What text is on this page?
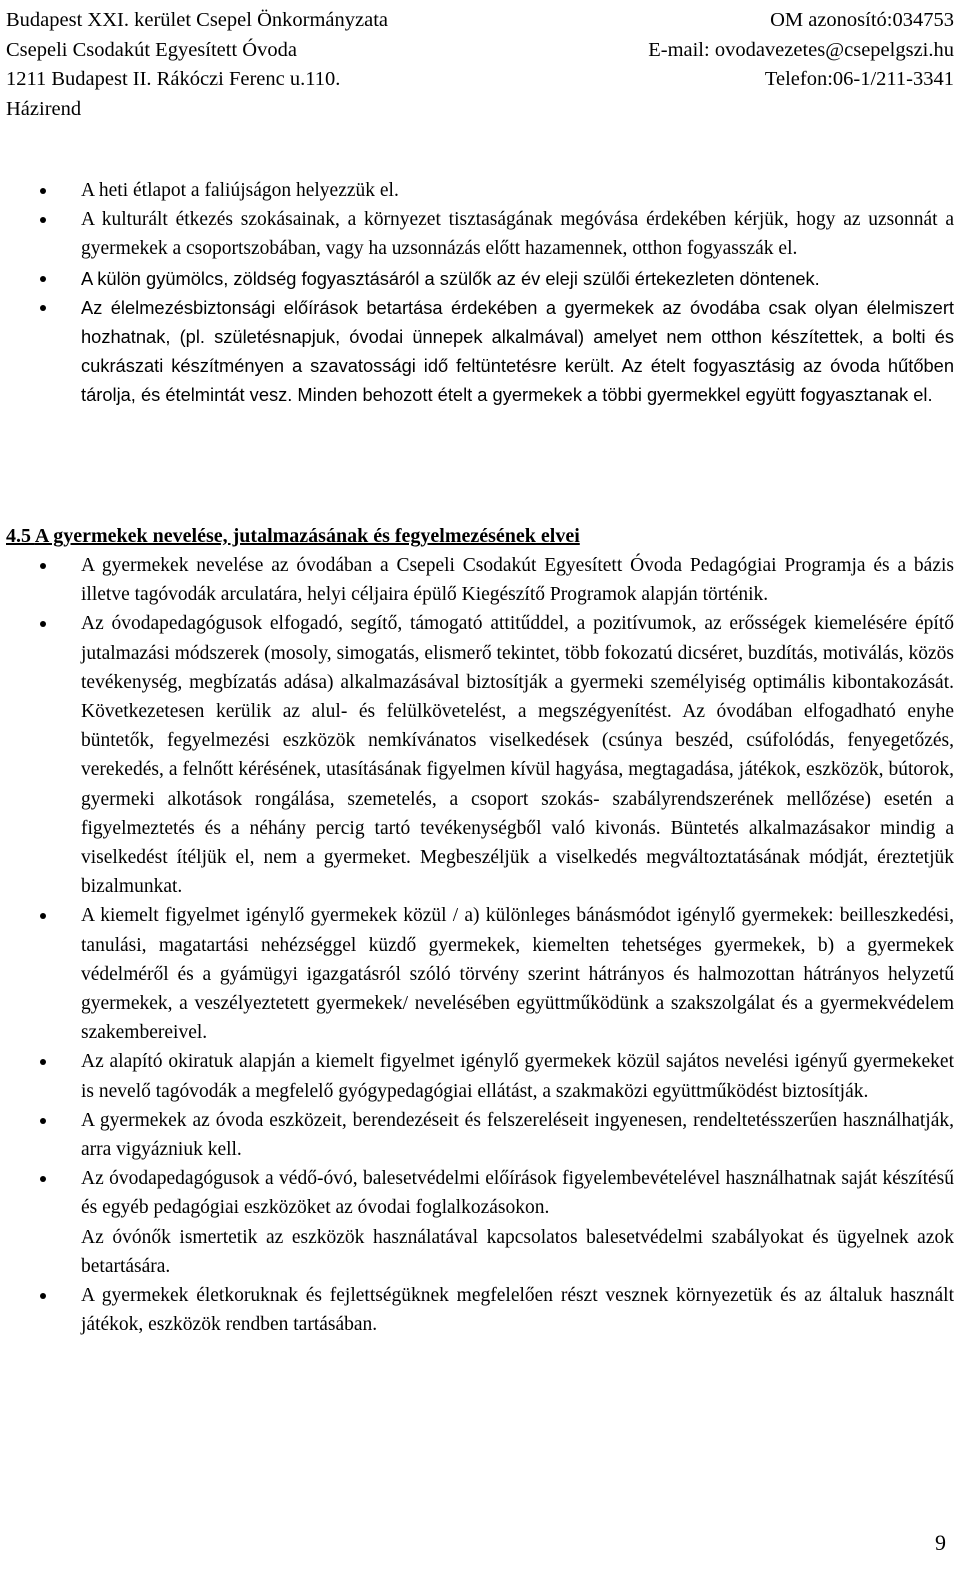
Budapest XXI. kerület Csepel Önkormányzata	OM azonosító:034753
Csepeli Csodakút Egyesített Óvoda	E-mail: ovodavezetes@csepelgszi.hu
1211 Budapest II. Rákóczi Ferenc u.110.	Telefon:06-1/211-3341
Házirend
A heti étlapot a faliújságon helyezzük el.
A kulturált étkezés szokásainak, a környezet tisztaságának megóvása érdekében kérjük, hogy az uzsonnát a gyermekek a csoportszobában, vagy ha uzsonnázás előtt hazamennek, otthon fogyasszák el.
A külön gyümölcs, zöldség fogyasztásáról a szülők az év eleji szülői értekezleten döntenek.
Az élelmezésbiztonsági előírások betartása érdekében a gyermekek az óvodába csak olyan élelmiszert hozhatnak, (pl. születésnapjuk, óvodai ünnepek alkalmával) amelyet nem otthon készítettek, a bolti és cukrászati készítményen a szavatossági idő feltüntetésre került. Az ételt fogyasztásig az óvoda hűtőben tárolja, és ételmintát vesz. Minden behozott ételt a gyermekek a többi gyermekkel együtt fogyasztanak el.
4.5 A gyermekek nevelése, jutalmazásának és fegyelmezésének elvei
A gyermekek nevelése az óvodában a Csepeli Csodakút Egyesített Óvoda Pedagógiai Programja és a bázis illetve tagóvodák arculatára, helyi céljaira épülő Kiegészítő Programok alapján történik.
Az óvodapedagógusok elfogadó, segítő, támogató attitűddel, a pozitívumok, az erősségek kiemelésére építő jutalmazási módszerek (mosoly, simogatás, elismerő tekintet, több fokozatú dicséret, buzdítás, motiválás, közös tevékenység, megbízatás adása) alkalmazásával biztosítják a gyermeki személyiség optimális kibontakozását. Következetesen kerülik az alul- és felülkövetelést, a megszégyenítést. Az óvodában elfogadható enyhe büntetők, fegyelmezési eszközök nemkívánatos viselkedések (csúnya beszéd, csúfolódás, fenyegetőzés, verekedés, a felnőtt kérésének, utasításának figyelmen kívül hagyása, megtagadása, játékok, eszközök, bútorok, gyermeki alkotások rongálása, szemetelés, a csoport szokás- szabályrendszerének mellőzése) esetén a figyelmeztetés és a néhány percig tartó tevékenységből való kivonás. Büntetés alkalmazásakor mindig a viselkedést ítéljük el, nem a gyermeket. Megbeszéljük a viselkedés megváltoztatásának módját, éreztetjük bizalmunkat.
A kiemelt figyelmet igénylő gyermekek közül / a) különleges bánásmódot igénylő gyermekek: beilleszkedési, tanulási, magatartási nehézséggel küzdő gyermekek, kiemelten tehetséges gyermekek, b) a gyermekek védelméről és a gyámügyi igazgatásról szóló törvény szerint hátrányos és halmozottan hátrányos helyzetű gyermekek, a veszélyeztetett gyermekek/ nevelésében együttműködünk a szakszolgálat és a gyermekvédelem szakembereivel.
Az alapító okiratuk alapján a kiemelt figyelmet igénylő gyermekek közül sajátos nevelési igényű gyermekeket is nevelő tagóvodák a megfelelő gyógypedagógiai ellátást, a szakmaközi együttműködést biztosítják.
A gyermekek az óvoda eszközeit, berendezéseit és felszereléseit ingyenesen, rendeltetésszerűen használhatják, arra vigyázniuk kell.
Az óvodapedagógusok a védő-óvó, balesetvédelmi előírások figyelembevételével használhatnak saját készítésű és egyéb pedagógiai eszközöket az óvodai foglalkozásokon.
Az óvónők ismertetik az eszközök használatával kapcsolatos balesetvédelmi szabályokat és ügyelnek azok betartására.
A gyermekek életkoruknak és fejlettségüknek megfelelően részt vesznek környezetük és az általuk használt játékok, eszközök rendben tartásában.
9
